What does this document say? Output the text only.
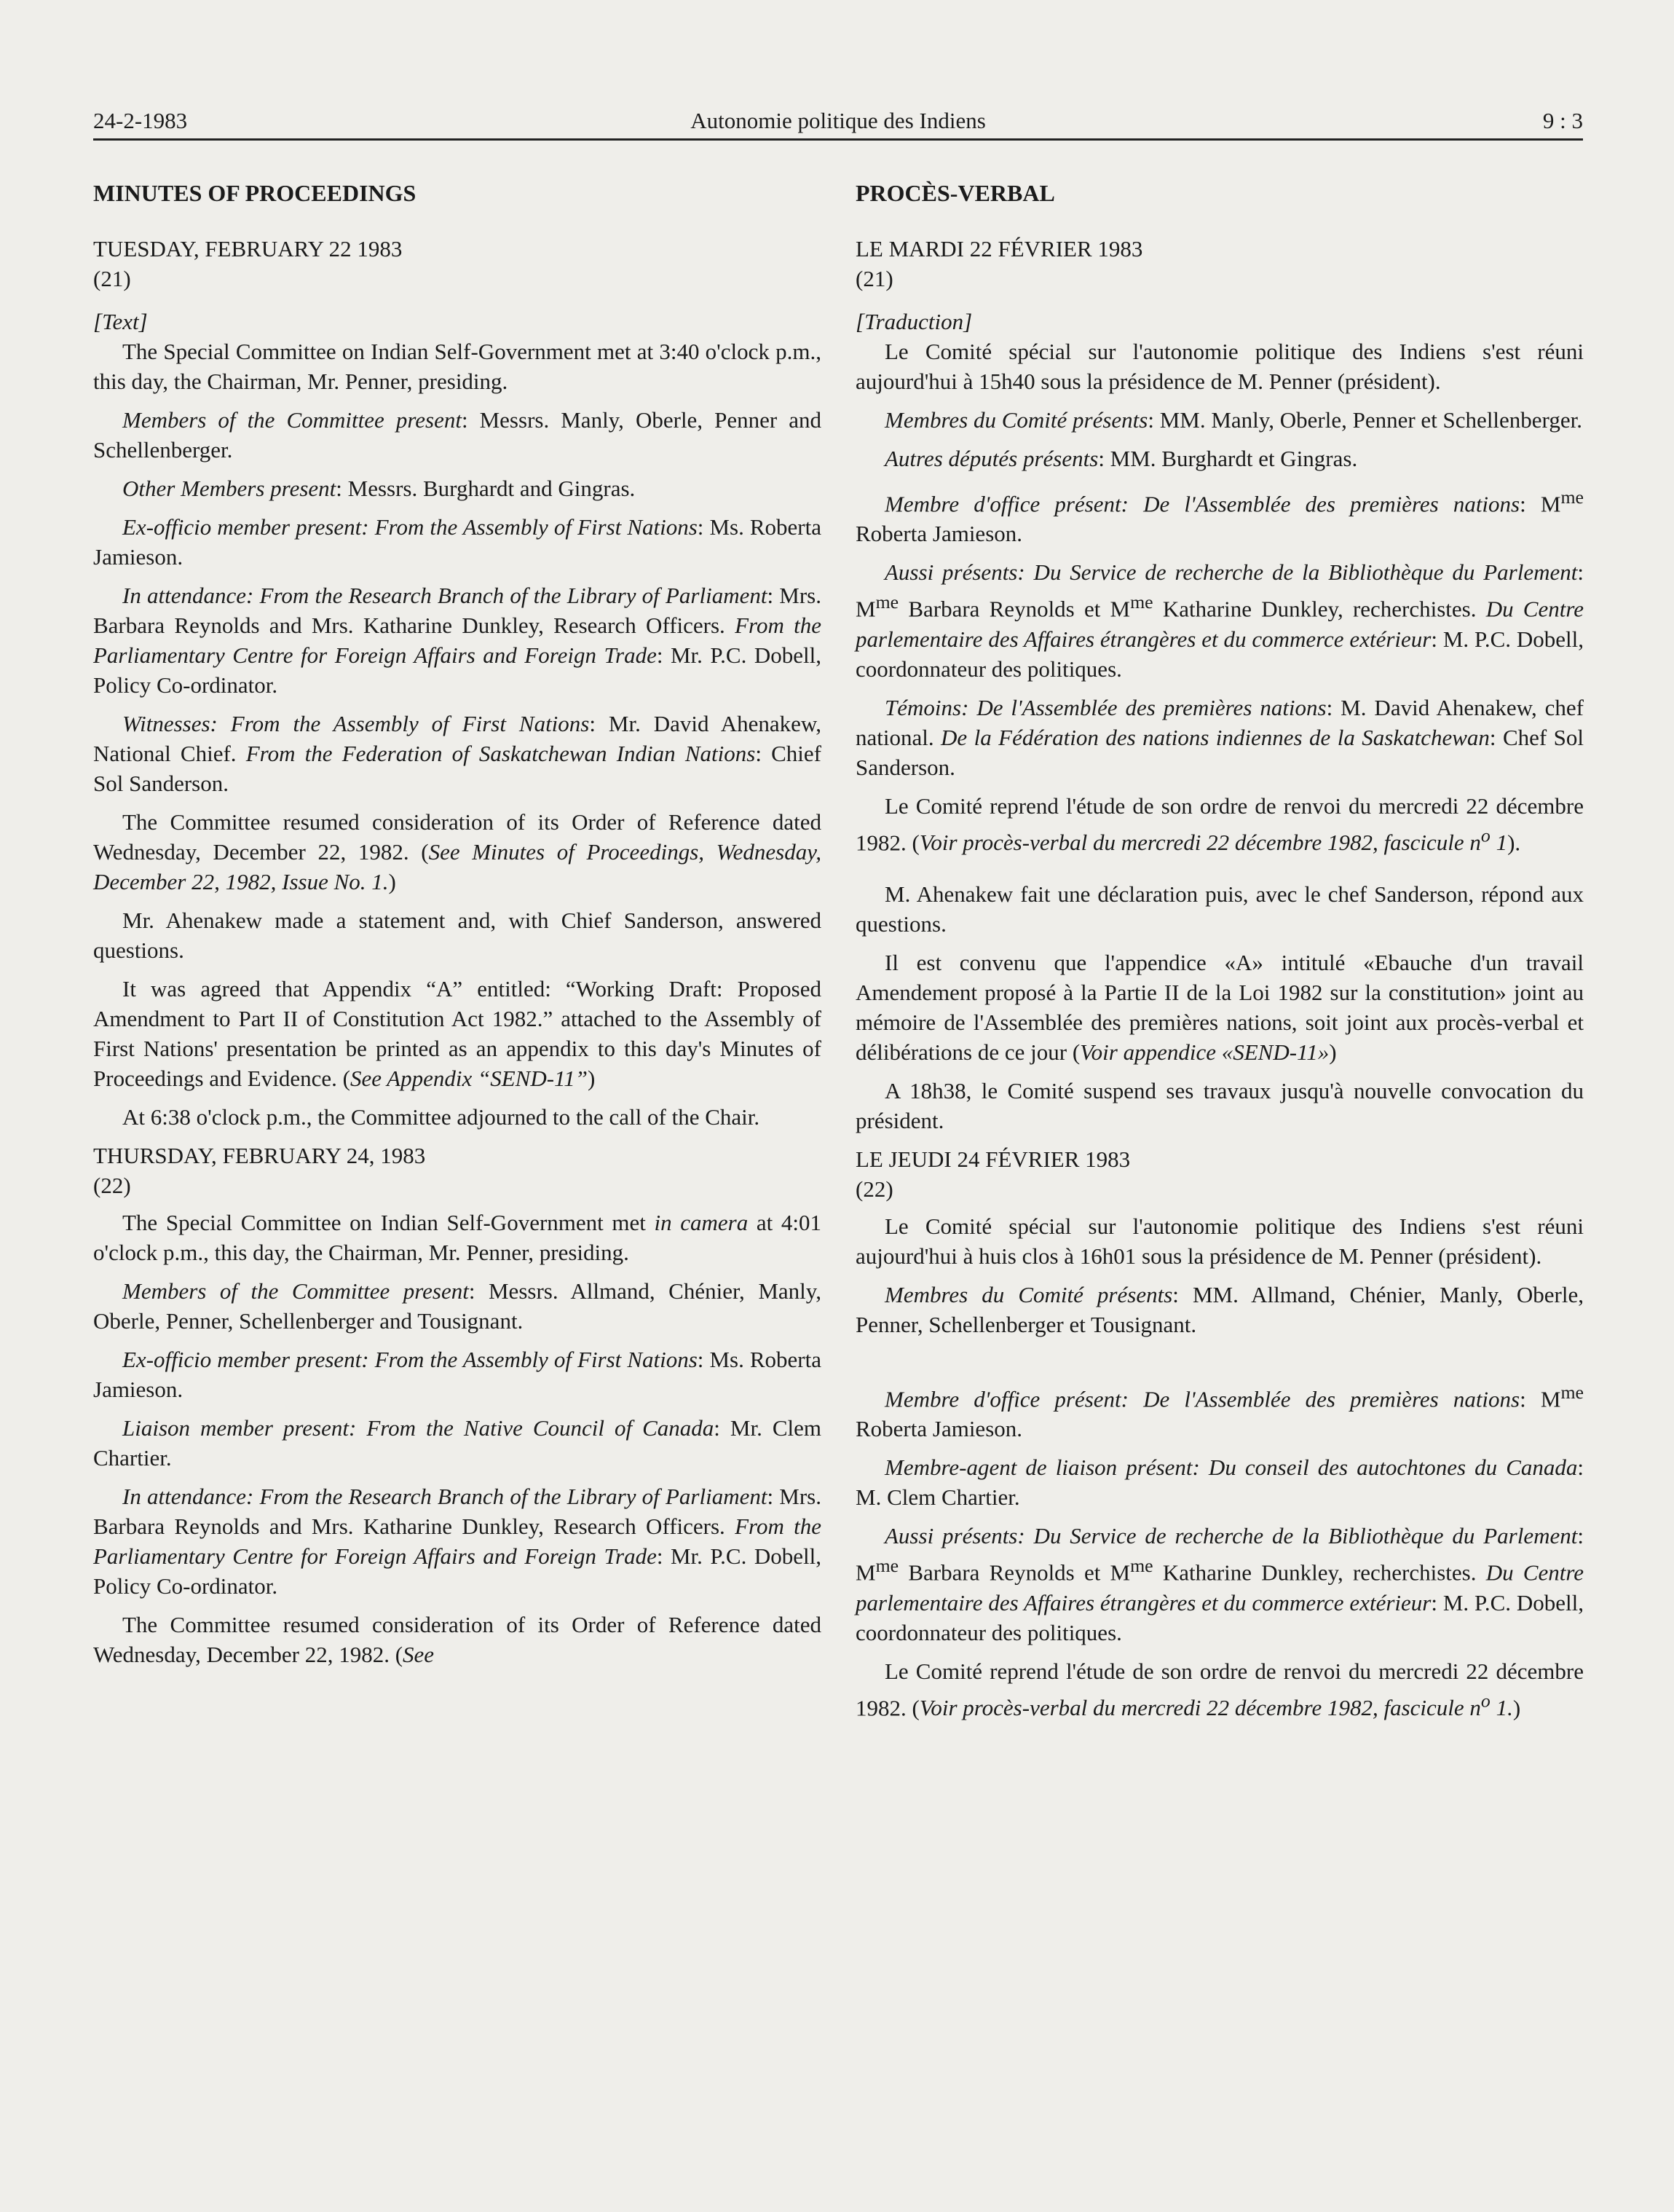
24-2-1983	Autonomie politique des Indiens	9 : 3
MINUTES OF PROCEEDINGS
TUESDAY, FEBRUARY 22 1983
(21)
[Text]

The Special Committee on Indian Self-Government met at 3:40 o'clock p.m., this day, the Chairman, Mr. Penner, presiding.

Members of the Committee present: Messrs. Manly, Oberle, Penner and Schellenberger.

Other Members present: Messrs. Burghardt and Gingras.

Ex-officio member present: From the Assembly of First Nations: Ms. Roberta Jamieson.

In attendance: From the Research Branch of the Library of Parliament: Mrs. Barbara Reynolds and Mrs. Katharine Dunkley, Research Officers. From the Parliamentary Centre for Foreign Affairs and Foreign Trade: Mr. P.C. Dobell, Policy Co-ordinator.

Witnesses: From the Assembly of First Nations: Mr. David Ahenakew, National Chief. From the Federation of Saskatchewan Indian Nations: Chief Sol Sanderson.

The Committee resumed consideration of its Order of Reference dated Wednesday, December 22, 1982. (See Minutes of Proceedings, Wednesday, December 22, 1982, Issue No. 1.)

Mr. Ahenakew made a statement and, with Chief Sanderson, answered questions.

It was agreed that Appendix “A” entitled: “Working Draft: Proposed Amendment to Part II of Constitution Act 1982.” attached to the Assembly of First Nations' presentation be printed as an appendix to this day's Minutes of Proceedings and Evidence. (See Appendix “SEND-11”)

At 6:38 o'clock p.m., the Committee adjourned to the call of the Chair.

THURSDAY, FEBRUARY 24, 1983
(22)

The Special Committee on Indian Self-Government met in camera at 4:01 o'clock p.m., this day, the Chairman, Mr. Penner, presiding.

Members of the Committee present: Messrs. Allmand, Chénier, Manly, Oberle, Penner, Schellenberger and Tousignant.

Ex-officio member present: From the Assembly of First Nations: Ms. Roberta Jamieson.

Liaison member present: From the Native Council of Canada: Mr. Clem Chartier.

In attendance: From the Research Branch of the Library of Parliament: Mrs. Barbara Reynolds and Mrs. Katharine Dunkley, Research Officers. From the Parliamentary Centre for Foreign Affairs and Foreign Trade: Mr. P.C. Dobell, Policy Co-ordinator.

The Committee resumed consideration of its Order of Reference dated Wednesday, December 22, 1982. (See

PROCÈS-VERBAL
LE MARDI 22 FÉVRIER 1983
(21)
[Traduction]

Le Comité spécial sur l'autonomie politique des Indiens s'est réuni aujourd'hui à 15h40 sous la présidence de M. Penner (président).

Membres du Comité présents: MM. Manly, Oberle, Penner et Schellenberger.

Autres députés présents: MM. Burghardt et Gingras.

Membre d'office présent: De l'Assemblée des premières nations: $M^{me}$ Roberta Jamieson.

Aussi présents: Du Service de recherche de la Bibliothèque du Parlement: $M^{me}$ Barbara Reynolds et $M^{me}$ Katharine Dunkley, recherchistes. Du Centre parlementaire des Affaires étrangères et du commerce extérieur: M. P.C. Dobell, coordonnateur des politiques.

Témoins: De l'Assemblée des premières nations: M. David Ahenakew, chef national. De la Fédération des nations indiennes de la Saskatchewan: Chef Sol Sanderson.

Le Comité reprend l'étude de son ordre de renvoi du mercredi 22 décembre 1982. (Voir procès-verbal du mercredi 22 décembre 1982, fascicule $n^o$ 1).

M. Ahenakew fait une déclaration puis, avec le chef Sanderson, répond aux questions.

Il est convenu que l'appendice «A» intitulé «Ebauche d'un travail Amendement proposé à la Partie II de la Loi 1982 sur la constitution» joint au mémoire de l'Assemblée des premières nations, soit joint aux procès-verbal et délibérations de ce jour (Voir appendice «SEND-11»)

A 18h38, le Comité suspend ses travaux jusqu'à nouvelle convocation du président.

LE JEUDI 24 FÉVRIER 1983
(22)

Le Comité spécial sur l'autonomie politique des Indiens s'est réuni aujourd'hui à huis clos à 16h01 sous la présidence de M. Penner (président).

Membres du Comité présents: MM. Allmand, Chénier, Manly, Oberle, Penner, Schellenberger et Tousignant.

Membre d'office présent: De l'Assemblée des premières nations: $M^{me}$ Roberta Jamieson.

Membre-agent de liaison présent: Du conseil des autochtones du Canada: M. Clem Chartier.

Aussi présents: Du Service de recherche de la Bibliothèque du Parlement: $M^{me}$ Barbara Reynolds et $M^{me}$ Katharine Dunkley, recherchistes. Du Centre parlementaire des Affaires étrangères et du commerce extérieur: M. P.C. Dobell, coordonnateur des politiques.

Le Comité reprend l'étude de son ordre de renvoi du mercredi 22 décembre 1982. (Voir procès-verbal du mercredi 22 décembre 1982, fascicule $n^o$ 1.)
